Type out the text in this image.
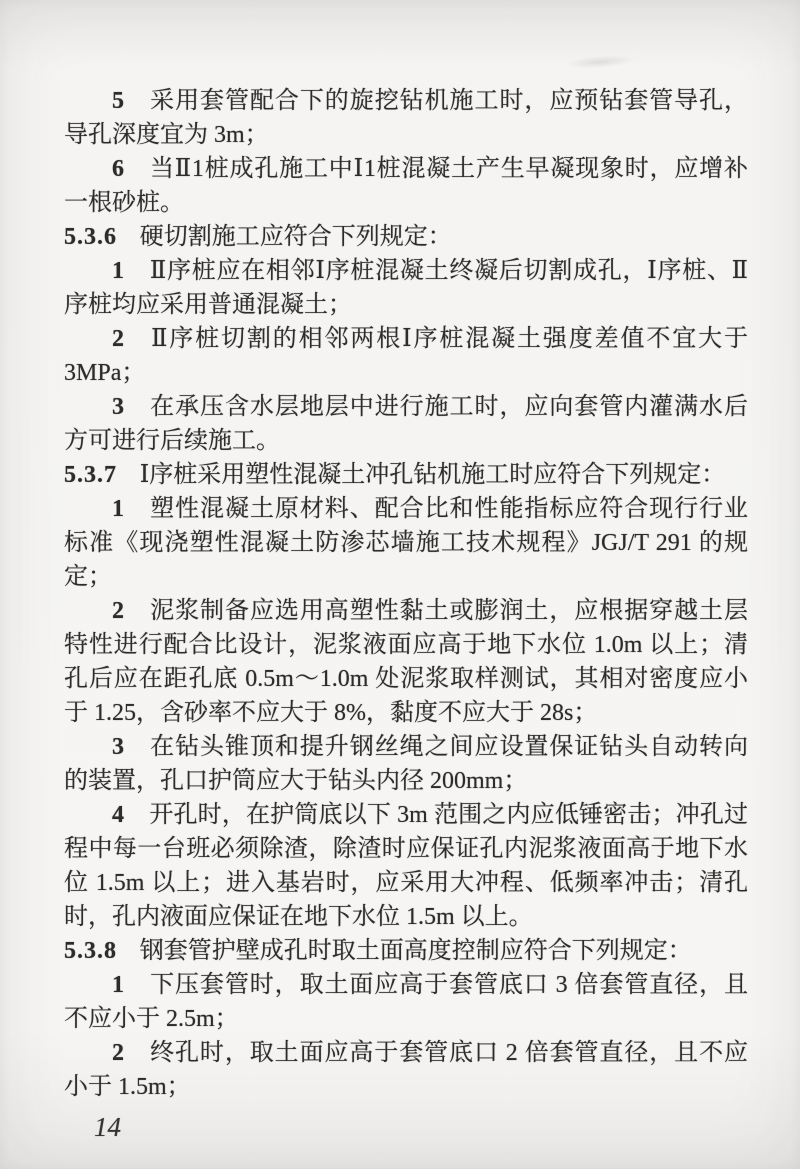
5 采用套管配合下的旋挖钻机施工时，应预钻套管导孔，导孔深度宜为 3m；

6 当Ⅱ1桩成孔施工中Ⅰ1桩混凝土产生早凝现象时，应增补一根砂桩。

5.3.6 硬切割施工应符合下列规定：

1 Ⅱ序桩应在相邻Ⅰ序桩混凝土终凝后切割成孔，Ⅰ序桩、Ⅱ序桩均应采用普通混凝土；

2 Ⅱ序桩切割的相邻两根Ⅰ序桩混凝土强度差值不宜大于 3MPa；

3 在承压含水层地层中进行施工时，应向套管内灌满水后方可进行后续施工。

5.3.7 Ⅰ序桩采用塑性混凝土冲孔钻机施工时应符合下列规定：

1 塑性混凝土原材料、配合比和性能指标应符合现行行业标准《现浇塑性混凝土防渗芯墙施工技术规程》JGJ/T 291 的规定；

2 泥浆制备应选用高塑性黏土或膨润土，应根据穿越土层特性进行配合比设计，泥浆液面应高于地下水位 1.0m 以上；清孔后应在距孔底 0.5m～1.0m 处泥浆取样测试，其相对密度应小于 1.25，含砂率不应大于 8%，黏度不应大于 28s；

3 在钻头锥顶和提升钢丝绳之间应设置保证钻头自动转向的装置，孔口护筒应大于钻头内径 200mm；

4 开孔时，在护筒底以下 3m 范围之内应低锤密击；冲孔过程中每一台班必须除渣，除渣时应保证孔内泥浆液面高于地下水位 1.5m 以上；进入基岩时，应采用大冲程、低频率冲击；清孔时，孔内液面应保证在地下水位 1.5m 以上。

5.3.8 钢套管护壁成孔时取土面高度控制应符合下列规定：

1 下压套管时，取土面应高于套管底口 3 倍套管直径，且不应小于 2.5m；

2 终孔时，取土面应高于套管底口 2 倍套管直径，且不应小于 1.5m；

14
